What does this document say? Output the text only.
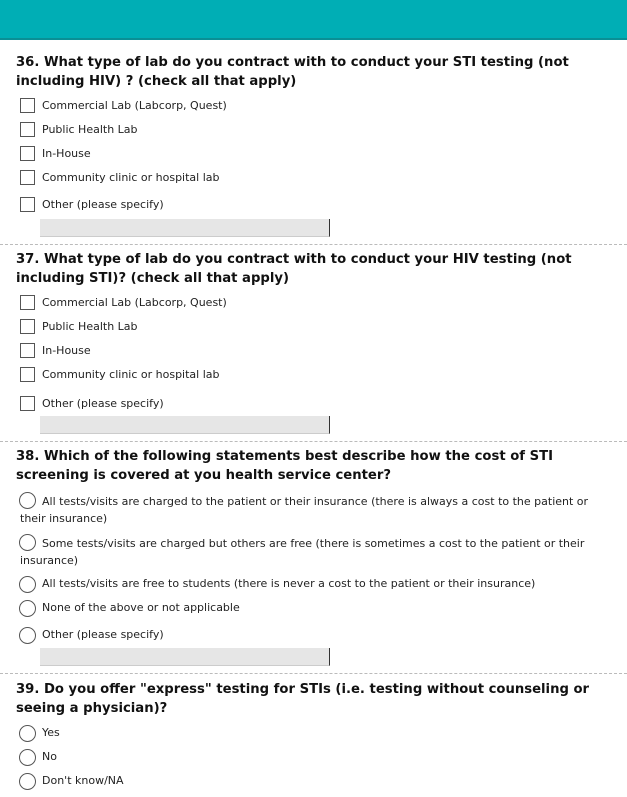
36. What type of lab do you contract with to conduct your STI testing (not including HIV) ? (check all that apply)

Commercial Lab (Labcorp, Quest)
Public Health Lab
In-House
Community clinic or hospital lab
Other (please specify)

37. What type of lab do you contract with to conduct your HIV testing (not including STI)? (check all that apply)

Commercial Lab (Labcorp, Quest)
Public Health Lab
In-House
Community clinic or hospital lab
Other (please specify)

38. Which of the following statements best describe how the cost of STI screening is covered at you health service center?

All tests/visits are charged to the patient or their insurance (there is always a cost to the patient or their insurance)
Some tests/visits are charged but others are free (there is sometimes a cost to the patient or their insurance)
All tests/visits are free to students (there is never a cost to the patient or their insurance)
None of the above or not applicable
Other (please specify)

39. Do you offer "express" testing for STIs (i.e. testing without counseling or seeing a physician)?

Yes
No
Don't know/NA
